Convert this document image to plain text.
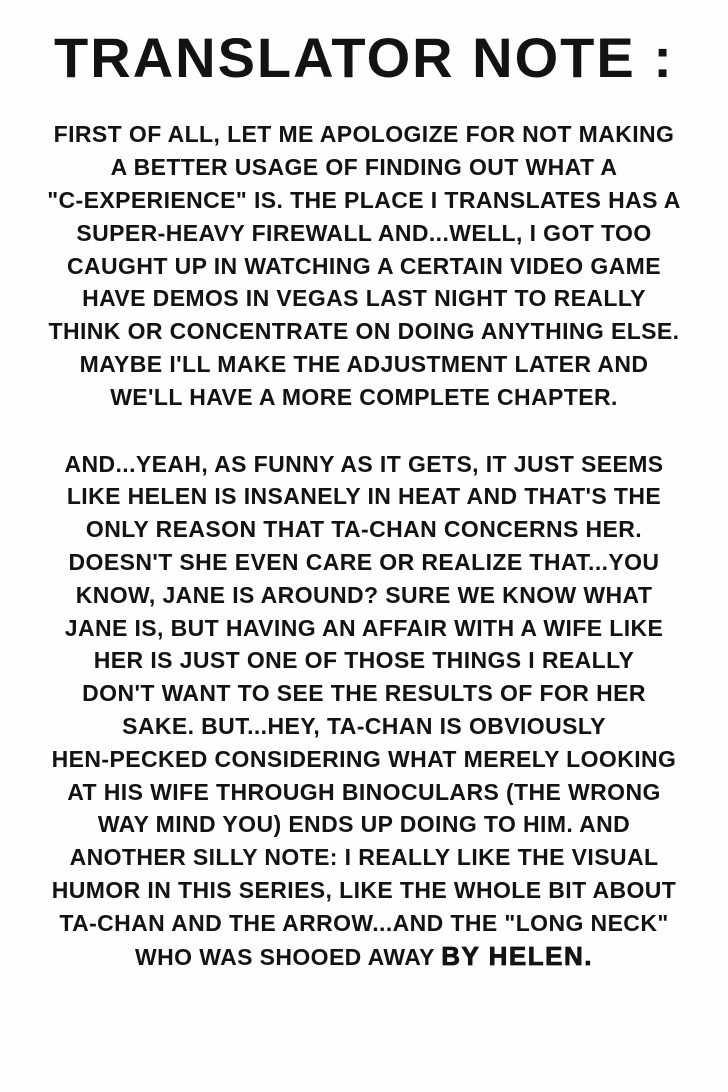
TRANSLATOR NOTE :
FIRST OF ALL, LET ME APOLOGIZE FOR NOT MAKING
A BETTER USAGE OF FINDING OUT WHAT A
"C-EXPERIENCE" IS. THE PLACE I TRANSLATES HAS A
SUPER-HEAVY FIREWALL AND...WELL, I GOT TOO
CAUGHT UP IN WATCHING A CERTAIN VIDEO GAME
HAVE DEMOS IN VEGAS LAST NIGHT TO REALLY
THINK OR CONCENTRATE ON DOING ANYTHING ELSE.
MAYBE I'LL MAKE THE ADJUSTMENT LATER AND
WE'LL HAVE A MORE COMPLETE CHAPTER.
AND...YEAH, AS FUNNY AS IT GETS, IT JUST SEEMS
LIKE HELEN IS INSANELY IN HEAT AND THAT'S THE
ONLY REASON THAT TA-CHAN CONCERNS HER.
DOESN'T SHE EVEN CARE OR REALIZE THAT...YOU
KNOW, JANE IS AROUND? SURE WE KNOW WHAT
JANE IS, BUT HAVING AN AFFAIR WITH A WIFE LIKE
HER IS JUST ONE OF THOSE THINGS I REALLY
DON'T WANT TO SEE THE RESULTS OF FOR HER
SAKE. BUT...HEY, TA-CHAN IS OBVIOUSLY
HEN-PECKED CONSIDERING WHAT MERELY LOOKING
AT HIS WIFE THROUGH BINOCULARS (THE WRONG
WAY MIND YOU) ENDS UP DOING TO HIM. AND
ANOTHER SILLY NOTE: I REALLY LIKE THE VISUAL
HUMOR IN THIS SERIES, LIKE THE WHOLE BIT ABOUT
TA-CHAN AND THE ARROW...AND THE "LONG NECK"
WHO WAS SHOOED AWAY BY HELEN.
